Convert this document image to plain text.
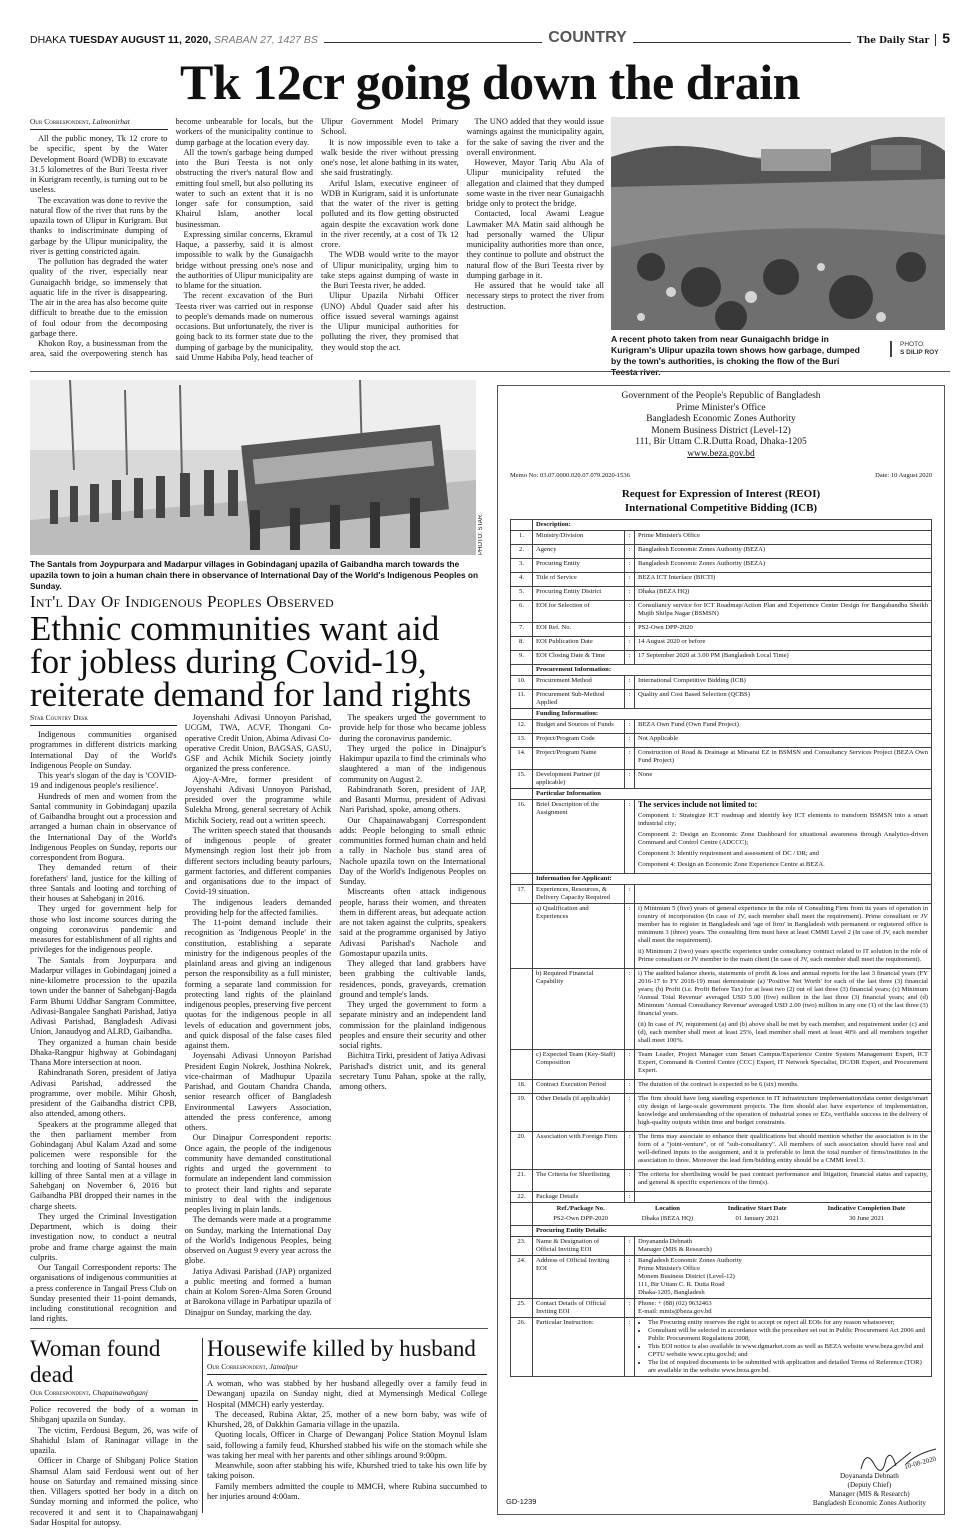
DHAKA
TUESDAY AUGUST 11, 2020,
SRABAN 27, 1427 BS	COUNTRY	The Daily Star 5
Tk 12cr going down the drain
Our Correspondent, Lalmonirhat

All the public money, Tk 12 crore to be specific, spent by the Water Development Board (WDB) to excavate 31.5 kilometres of the Buri Teesta river in Kurigram recently, is turning out to be useless.

The excavation was done to revive the natural flow of the river that runs by the upazila town of Ulipur in Kurigram. But thanks to indiscriminate dumping of garbage by the Ulipur municipality, the river is getting constricted again.

The pollution has degraded the water quality of the river, especially near Gunaigachh bridge, so immensely that aquatic life in the river is disappearing. The air in the area has also become quite difficult to breathe due to the emission of foul odour from the decomposing garbage there.

Khokon Roy, a businessman from the area, said the overpowering stench has become unbearable for locals, but the workers of the municipality continue to dump garbage at the location every day.

All the town's garbage being dumped into the Buri Teesta is not only obstructing the river's natural flow and emitting foul smell, but also polluting its water to such an extent that it is no longer safe for consumption, said Khairul Islam, another local businessman.

Expressing similar concerns, Ekramul Haque, a passerby, said it is almost impossible to walk by the Gunaigachh bridge without pressing one's nose and the authorities of Ulipur municipality are to blame for the situation.

The recent excavation of the Buri Teesta river was carried out in response to people's demands made on numerous occasions. But unfortunately, the river is going back to its former state due to the dumping of garbage by the municipality, said Umme Habiba Poly, head teacher of Ulipur Government Model Primary School.

It is now impossible even to take a walk beside the river without pressing one's nose, let alone bathing in its water, she said frustratingly.

Ariful Islam, executive engineer of WDB in Kurigram, said it is unfortunate that the water of the river is getting polluted and its flow getting obstructed again despite the excavation work done in the river recently, at a cost of Tk 12 crore.

The WDB would write to the mayor of Ulipur municipality, urging him to take steps against dumping of waste in the Buri Teesta river, he added.

Ulipur Upazila Nirbahi Officer (UNO) Abdul Quader said after his office issued several warnings against the Ulipur municipal authorities for polluting the river, they promised that they would stop the act.

The UNO added that they would issue warnings against the municipality again, for the sake of saving the river and the overall environment.

However, Mayor Tariq Abu Ala of Ulipur municipality refuted the allegation and claimed that they dumped some waste in the river near Gunaigachh bridge only to protect the bridge.

Contacted, local Awami League Lawmaker MA Matin said although he had personally warned the Ulipur municipality authorities more than once, they continue to pollute and obstruct the natural flow of the Buri Teesta river by dumping garbage in it.

He assured that he would take all necessary steps to protect the river from destruction.

A recent photo taken from near Gunaigachh bridge in Kurigram's Ulipur upazila town shows how garbage, dumped by the town's authorities, is choking the flow of the Buri Teesta river.
PHOTO:
S DILIP ROY
PHOTO: STAR
The Santals from Joypurpara and Madarpur villages in Gobindaganj upazila of Gaibandha march towards the upazila town to join a human chain there in observance of International Day of the World's Indigenous Peoples on Sunday.
Int'l Day Of Indigenous Peoples Observed
Ethnic communities want aid for jobless during Covid-19, reiterate demand for land rights
Star Country Desk

Indigenous communities organised programmes in different districts marking International Day of the World's Indigenous People on Sunday.

This year's slogan of the day is 'COVID-19 and indigenous people's resilience'.

Hundreds of men and women from the Santal community in Gobindaganj upazila of Gaibandha brought out a procession and arranged a human chain in observance of the International Day of the World's Indigenous Peoples on Sunday, reports our correspondent from Bogura.

They demanded return of their forefathers' land, justice for the killing of three Santals and looting and torching of their houses at Sahebganj in 2016.

They urged for government help for those who lost income sources during the ongoing coronavirus pandemic and measures for establishment of all rights and privileges for the indigenous people.

The Santals from Joypurpara and Madarpur villages in Gobindaganj joined a nine-kilometre procession to the upazila town under the banner of Sahebganj-Bagda Farm Bhumi Uddhar Sangram Committee, Adivasi-Bangalee Sanghati Parishad, Jatiya Adivasi Parishad, Bangladesh Adivasi Union, Janaudyog and ALRD, Gaibandha.

They organized a human chain beside Dhaka-Rangpur highway at Gobindaganj Thana More intersection at noon.

Rabindranath Soren, president of Jatiya Adivasi Parishad, addressed the programme, over mobile. Mihir Ghosh, president of the Gaibandha district CPB, also attended, among others.

Speakers at the programme alleged that the then parliament member from Gobindaganj Abul Kalam Azad and some policemen were responsible for the torching and looting of Santal houses and killing of three Santal men at a village in Sahebganj on November 6, 2016 but Gaibandha PBI dropped their names in the charge sheets.

They urged the Criminal Investigation Department, which is doing their investigation now, to conduct a neutral probe and frame charge against the main culprits.

Our Tangail Correspondent reports: The organisations of indigenous communities at a press conference in Tangail Press Club on Sunday presented their 11-point demands, including constitutional recognition and land rights.

Joyenshahi Adivasi Unnoyon Parishad, UCGM, TWA, ACVF, Thongani Co-operative Credit Union, Abima Adivasi Co-operative Credit Union, BAGSAS, GASU, GSF and Achik Michik Society jointly organized the press conference.

Ajoy-A-Mre, former president of Joyenshahi Adivasi Unnoyon Parishad, presided over the programme while Sulekha Mrong, general secretary of Achik Michik Society, read out a written speech.

The written speech stated that thousands of indigenous people of greater Mymensingh region lost their job from different sectors including beauty parlours, garment factories, and different companies and organisations due to the impact of Covid-19 situation.

The indigenous leaders demanded providing help for the affected families.

The 11-point demand include their recognition as 'Indigenous People' in the constitution, establishing a separate ministry for the indigenous peoples of the plainland areas and giving an indigenous person the responsibility as a full minister, forming a separate land commission for protecting land rights of the plainland indigenous peoples, preserving five percent quotas for the indigenous people in all levels of education and government jobs, and quick disposal of the false cases filed against them.

Joyensahi Adivasi Unnoyon Parishad President Eugin Nokrek, Josthina Nokrek, vice-chairman of Madhupur Upazila Parishad, and Goutam Chandra Chanda, senior research officer of Bangladesh Environmental Lawyers Association, attended the press conference, among others.

Our Dinajpur Correspondent reports: Once again, the people of the indigenous community have demanded constitutional rights and urged the government to formulate an independent land commission to protect their land rights and separate ministry to deal with the indigenous peoples living in plain lands.

The demands were made at a programme on Sunday, marking the International Day of the World's Indigenous Peoples, being observed on August 9 every year across the globe.

Jatiya Adivasi Parishad (JAP) organized a public meeting and formed a human chain at Kolom Soren-Alma Soren Ground at Barokona village in Parbatipur upazila of Dinajpur on Sunday, marking the day.

The speakers urged the government to provide help for those who became jobless during the coronavirus pandemic.

They urged the police in Dinajpur's Hakimpur upazila to find the criminals who slaughtered a man of the indigenous community on August 2.

Rabindranath Soren, president of JAP, and Basanti Murmu, president of Adivasi Nari Parishad, spoke, among others.

Our Chapainawabganj Correspondent adds: People belonging to small ethnic communities formed human chain and held a rally in Nachole bus stand area of Nachole upazila town on the International Day of the World's Indigenous Peoples on Sunday.

Miscreants often attack indigenous people, harass their women, and threaten them in different areas, but adequate action are not taken against the culprits, speakers said at the programme organised by Jatiyo Adivasi Parishad's Nachole and Gomostapur upazila units.

They alleged that land grabbers have been grabbing the cultivable lands, residences, ponds, graveyards, cremation ground and temple's lands.

They urged the government to form a separate ministry and an independent land commission for the plainland indigenous peoples and ensure their security and other social rights.

Bichitra Tirki, president of Jatiya Adivasi Parishad's district unit, and its general secretary Tunu Pahan, spoke at the rally, among others.

Woman found dead
Our Correspondent, Chapainawabganj

Police recovered the body of a woman in Shibganj upazila on Sunday.

The victim, Ferdousi Begum, 26, was wife of Shahidul Islam of Raninagar village in the upazila.

Officer in Charge of Shibganj Police Station Shamsul Alam said Ferdousi went out of her house on Saturday and remained missing since then. Villagers spotted her body in a ditch on Sunday morning and informed the police, who recovered it and sent it to Chapainawabganj Sadar Hospital for autopsy.

Housewife killed by husband
Our Correspondent, Jamalpur

A woman, who was stabbed by her husband allegedly over a family feud in Dewanganj upazila on Sunday night, died at Mymensingh Medical College Hospital (MMCH) early yesterday.

The deceased, Rubina Aktar, 25, mother of a new born baby, was wife of Khurshed, 28, of Dakkhin Gamaria village in the upazila.

Quoting locals, Officer in Charge of Dewanganj Police Station Moynul Islam said, following a family feud, Khurshed stabbed his wife on the stomach while she was taking her meal with her parents and other siblings around 9:00pm.

Meanwhile, soon after stabbing his wife, Khurshed tried to take his own life by taking poison.

Family members admitted the couple to MMCH, where Rubina succumbed to her injuries around 4:00am.

Government of the People's Republic of Bangladesh
Prime Minister's Office
Bangladesh Economic Zones Authority
Monem Business District (Level-12)
111, Bir Uttam C.R.Dutta Road, Dhaka-1205
www.beza.gov.bd
Memo No: 03.07.0000.020.07.079.2020-1536	Date: 10 August 2020
Request for Expression of Interest (REOI)
International Competitive Bidding (ICB)
	Description:
1.	Ministry/Division	:	Prime Minister's Office

2.	Agency	:	Bangladesh Economic Zones Authority (BEZA)

3.	Procuring Entity	:	Bangladesh Economic Zones Authority (BEZA)

4.	Title of Service	:	BEZA ICT Interface (BICTI)

5.	Procuring Entity District	:	Dhaka (BEZA HQ)

6.	EOI for Selection of	:	Consultancy service for ICT Roadmap/Action Plan and Experience Center Design for Bangabandhu Sheikh Mujib Shilpa Nagar (BSMSN)

7.	EOI Ref. No.	:	PS2-Own DPP-2020

8.	EOI Publication Date	:	14 August 2020 or before

9.	EOI Closing Date & Time	:	17 September 2020 at 3.00 PM (Bangladesh Local Time)

	Procurement Information:
10.	Procurement Method	:	International Competitive Bidding (ICB)

11.	Procurement Sub-Method Applied	:	Quality and Cost Based Selection (QCBS)

	Funding Information:
12.	Budget and Sources of Funds	:	BEZA Own Fund (Own Fund Project)

13.	Project/Program Code	:	Not Applicable

14.	Project/Program Name	:	Construction of Road & Drainage at Mirsarai EZ in BSMSN and Consultancy Services Project (BEZA Own Fund Project)

15.	Development Partner (if applicable)	:	None

	Particular Information
16.	Brief Description of the Assignment	:	The services include not limited to:

Component 1: Strategize ICT roadmap and identify key ICT elements to transform BSMSN into a smart industrial city;

Component 2: Design an Economic Zone Dashboard for situational awareness through Analytics-driven Command and Control Centre (ADCCC);

Component 3: Identify requirement and assessment of DC / DR; and

Component 4: Design an Economic Zone Experience Centre at BEZA.

	Information for Applicant:
17.	Experiences, Resources, & Delivery Capacity Required	:	
	a) Qualification and Experiences	:	i) Minimum 5 (five) years of general experience in the role of Consulting Firm from its years of operation in country of incorporation (In case of JV, each member shall meet the requirement). Prime consultant or JV member has to register in Bangladesh and 'age of firm' in Bangladesh with permanent or registered office is minimum 3 (three) years. The consulting firm must have at least CMMI Level 2 (In case of JV, each member shall meet the requirement).

ii) Minimum 2 (two) years specific experience under consultancy contract related to IT solution in the role of Prime consultant or JV member to the main client (In case of JV, each member shall meet the requirement).

	b) Required Financial Capability	:	i) The audited balance sheets, statements of profit & loss and annual reports for the last 3 financial years (FY 2016-17 to FY 2018-19) must demonstrate (a) 'Positive Net Worth' for each of the last three (3) financial years; (b) Profit (i.e. Profit Before Tax) for at least two (2) out of last three (3) financial years; (c) Minimum 'Annual Total Revenue' averaged USD 5.00 (five) million in the last three (3) financial years; and (d) Minimum 'Annual Consultancy Revenue' averaged USD 2.00 (two) million in any one (1) of the last three (3) financial years.

(ii) In case of JV, requirement (a) and (b) above shall be met by each member, and requirement under (c) and (d), each member shall meet at least 25%, lead member shall meet at least 40% and all members together shall meet 100%.

	c) Expected Team (Key-Staff) Composition	:	Team Leader, Project Manager cum Smart Campus/Experience Centre System Management Expert, ICT Expert, Command & Control Centre (CCC) Expert, IT Network Specialist, DC/DR Expert, and Procurement Expert.

18.	Contract Execution Period	:	The duration of the contract is expected to be 6 (six) months.

19.	Other Details (if applicable)	:	The firm should have long standing experience in IT infrastructure implementation/data center design/smart city design of large-scale government projects. The firm should also have experience of implementation, knowledge and understanding of the operation of industrial zones or EZs, verifiable success in the delivery of high-quality outputs within time and budget constraints.

20.	Association with Foreign Firm	:	The firms may associate to enhance their qualifications but should mention whether the association is in the form of a "joint-venture", or of "sub-consultancy". All members of such association should have real and well-defined inputs to the assignment, and it is preferable to limit the total number of firms/institutes in the association to three. Moreover the lead firm/bidding entity should be a CMMI level 3.

21.	The Criteria for Shortlisting	:	The criteria for shortlisting would be past contract performance and litigation, financial status and capacity, and general & specific experiences of the firm(s).

22.	Package Details	:	

Ref./Package No.	Location	Indicative Start Date	Indicative Completion Date
PS2-Own DPP-2020	Dhaka (BEZA HQ)	01 January 2021	30 June 2021

	Procuring Entity Details:
23.	Name & Designation of Official Inviting EOI	:	Doyananda Debnath

Manager (MIS & Research)

24.	Address of Official Inviting EOI	:	Bangladesh Economic Zones Authority

Prime Minister's Office

Monem Business District (Level-12)

111, Bir Uttam C. R. Dutta Road

Dhaka-1205, Bangladesh

25.	Contact Details of Official Inviting EOI	:	Phone: + (88) (02) 9632463

E-mail: mmis@beza.gov.bd

26.	Particular Instruction:	:	
•The Procuring entity reserves the right to accept or reject all EOIs for any reason whatsoever;
• Consultant will be selected in accordance with the procedure set out in Public Procurement Act 2006 and Public Procurement Regulations 2008;
• This EOI notice is also available in www.dgmarket.com as well as BEZA website www.beza.gov.bd and CPTU website www.cptu.gov.bd; and
• The list of required documents to be submitted with application and detailed Terms of Reference (TOR) are available in the website www.beza.gov.bd.
10-08-2020
Doyananda Debnath
(Deputy Chief)
Manager (MIS & Research)
Bangladesh Economic Zones Authority
GD-1239
